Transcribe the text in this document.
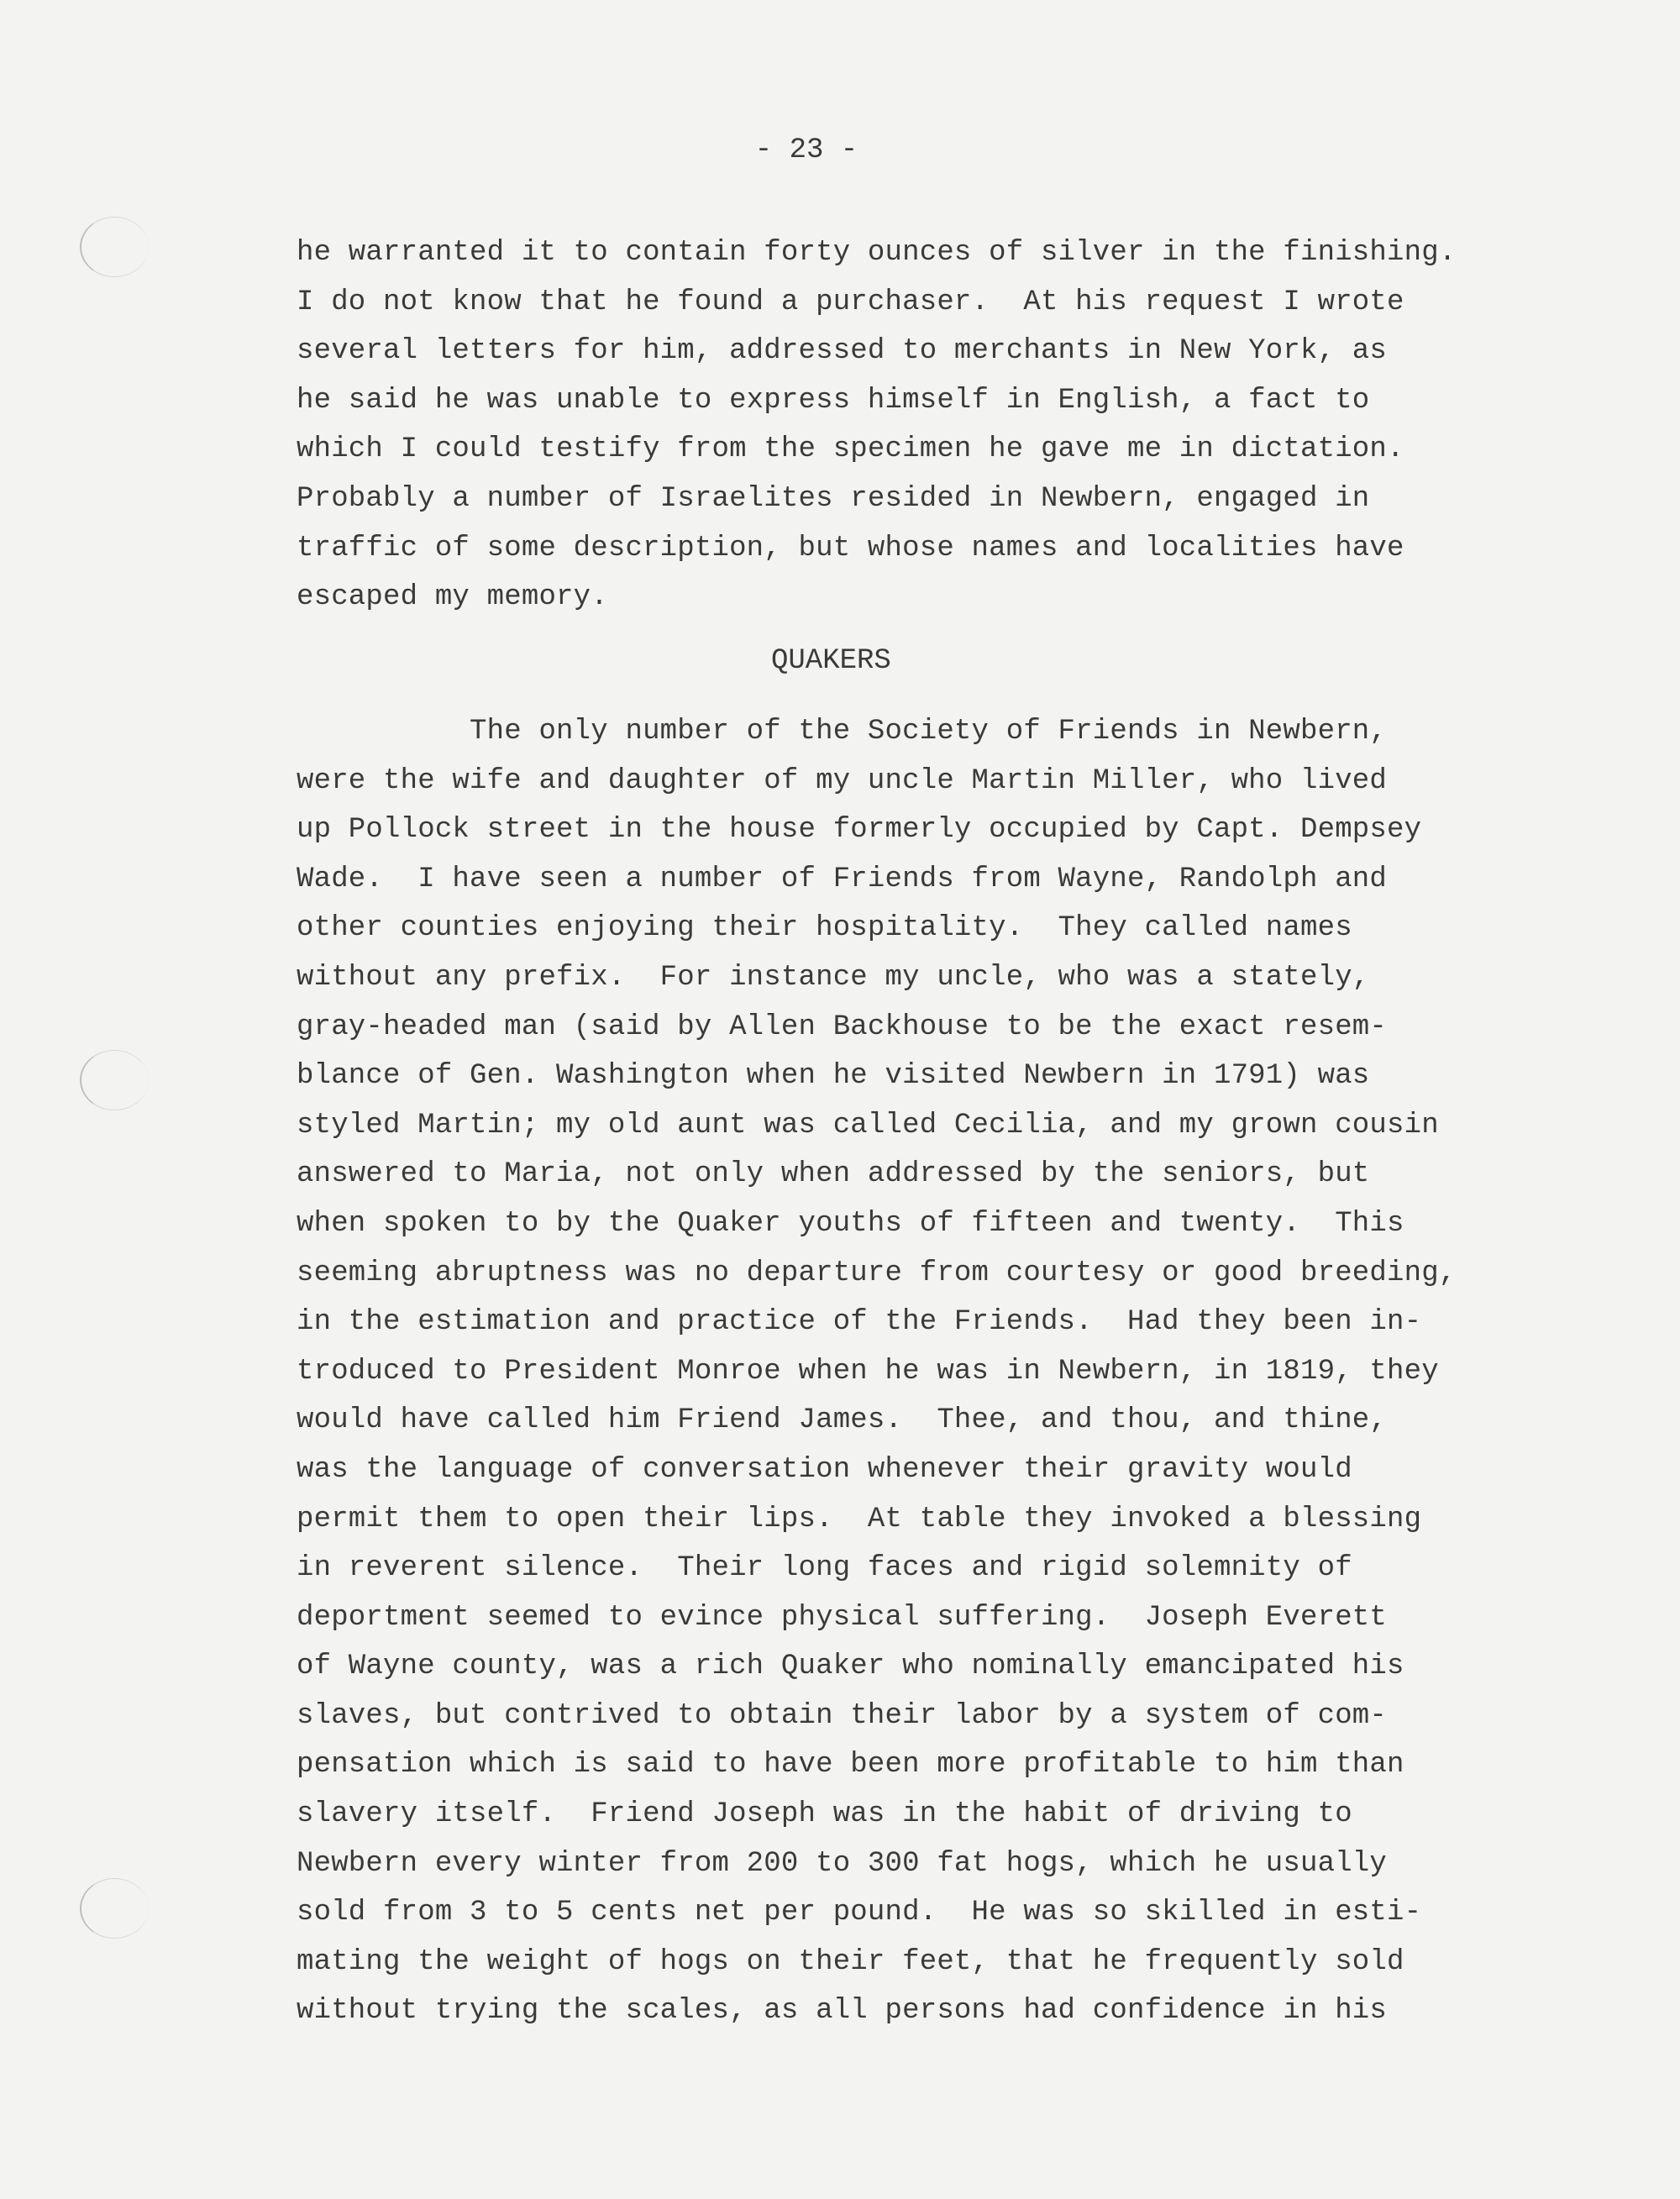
- 23 -
he warranted it to contain forty ounces of silver in the finishing.
I do not know that he found a purchaser.  At his request I wrote
several letters for him, addressed to merchants in New York, as
he said he was unable to express himself in English, a fact to
which I could testify from the specimen he gave me in dictation.
Probably a number of Israelites resided in Newbern, engaged in
traffic of some description, but whose names and localities have
escaped my memory.
QUAKERS
The only number of the Society of Friends in Newbern,
were the wife and daughter of my uncle Martin Miller, who lived
up Pollock street in the house formerly occupied by Capt. Dempsey
Wade.  I have seen a number of Friends from Wayne, Randolph and
other counties enjoying their hospitality.  They called names
without any prefix.  For instance my uncle, who was a stately,
gray-headed man (said by Allen Backhouse to be the exact resem-
blance of Gen. Washington when he visited Newbern in 1791) was
styled Martin; my old aunt was called Cecilia, and my grown cousin
answered to Maria, not only when addressed by the seniors, but
when spoken to by the Quaker youths of fifteen and twenty.  This
seeming abruptness was no departure from courtesy or good breeding,
in the estimation and practice of the Friends.  Had they been in-
troduced to President Monroe when he was in Newbern, in 1819, they
would have called him Friend James.  Thee, and thou, and thine,
was the language of conversation whenever their gravity would
permit them to open their lips.  At table they invoked a blessing
in reverent silence.  Their long faces and rigid solemnity of
deportment seemed to evince physical suffering.  Joseph Everett
of Wayne county, was a rich Quaker who nominally emancipated his
slaves, but contrived to obtain their labor by a system of com-
pensation which is said to have been more profitable to him than
slavery itself.  Friend Joseph was in the habit of driving to
Newbern every winter from 200 to 300 fat hogs, which he usually
sold from 3 to 5 cents net per pound.  He was so skilled in esti-
mating the weight of hogs on their feet, that he frequently sold
without trying the scales, as all persons had confidence in his
